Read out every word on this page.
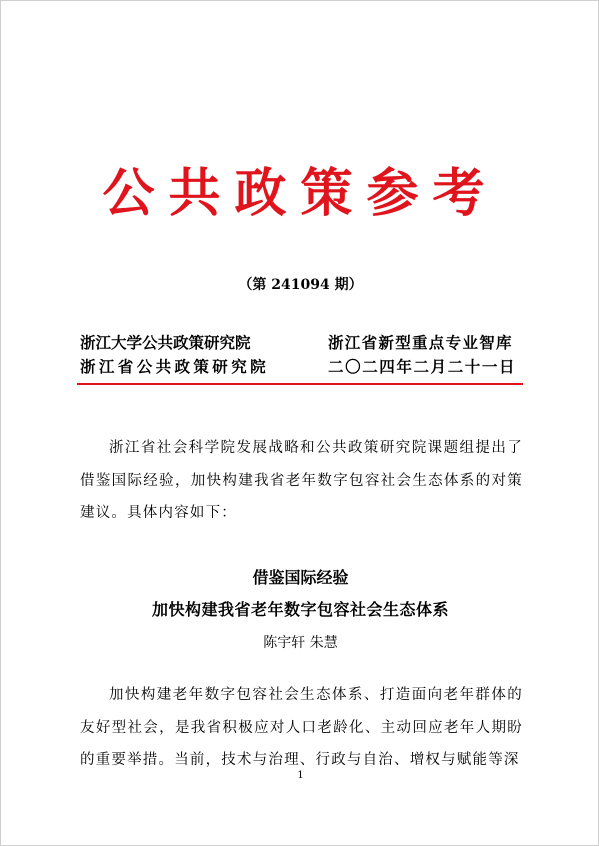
公共政策参考
（第 241094 期）
浙江大学公共政策研究院
浙江省公共政策研究院
浙江省新型重点专业智库
二〇二四年二月二十一日
浙江省社会科学院发展战略和公共政策研究院课题组提出了借鉴国际经验，加快构建我省老年数字包容社会生态体系的对策建议。具体内容如下：
借鉴国际经验
加快构建我省老年数字包容社会生态体系
陈宇轩 朱慧
加快构建老年数字包容社会生态体系、打造面向老年群体的友好型社会，是我省积极应对人口老龄化、主动回应老年人期盼的重要举措。当前，技术与治理、行政与自治、增权与赋能等深
1
